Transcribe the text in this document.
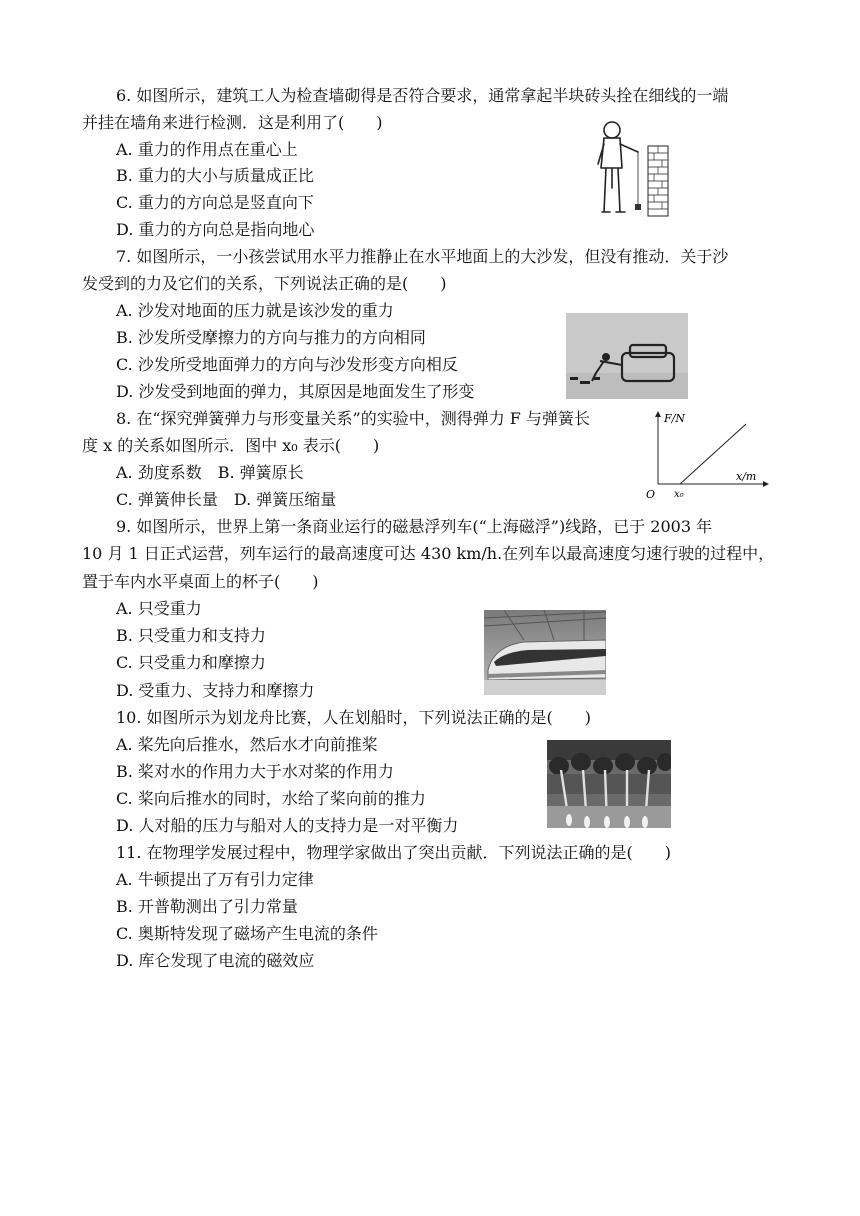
6. 如图所示，建筑工人为检查墙砌得是否符合要求，通常拿起半块砖头拴在细线的一端
并挂在墙角来进行检测．这是利用了(　　)
A. 重力的作用点在重心上
B. 重力的大小与质量成正比
C. 重力的方向总是竖直向下
D. 重力的方向总是指向地心
7. 如图所示，一小孩尝试用水平力推静止在水平地面上的大沙发，但没有推动．关于沙
发受到的力及它们的关系，下列说法正确的是(　　)
A. 沙发对地面的压力就是该沙发的重力
B. 沙发所受摩擦力的方向与推力的方向相同
C. 沙发所受地面弹力的方向与沙发形变方向相反
D. 沙发受到地面的弹力，其原因是地面发生了形变
8. 在“探究弹簧弹力与形变量关系”的实验中，测得弹力 F 与弹簧长
度 x 的关系如图所示．图中 x₀ 表示(　　)
A. 劲度系数　B. 弹簧原长
C. 弹簧伸长量　D. 弹簧压缩量
F/N
x/m
O x₀
9. 如图所示，世界上第一条商业运行的磁悬浮列车(“上海磁浮”)线路，已于 2003 年
10 月 1 日正式运营，列车运行的最高速度可达 430 km/h.在列车以最高速度匀速行驶的过程中，
置于车内水平桌面上的杯子(　　)
A. 只受重力
B. 只受重力和支持力
C. 只受重力和摩擦力
D. 受重力、支持力和摩擦力
10. 如图所示为划龙舟比赛，人在划船时，下列说法正确的是(　　)
A. 桨先向后推水，然后水才向前推桨
B. 桨对水的作用力大于水对桨的作用力
C. 桨向后推水的同时，水给了桨向前的推力
D. 人对船的压力与船对人的支持力是一对平衡力
11. 在物理学发展过程中，物理学家做出了突出贡献．下列说法正确的是(　　)
A. 牛顿提出了万有引力定律
B. 开普勒测出了引力常量
C. 奥斯特发现了磁场产生电流的条件
D. 库仑发现了电流的磁效应
